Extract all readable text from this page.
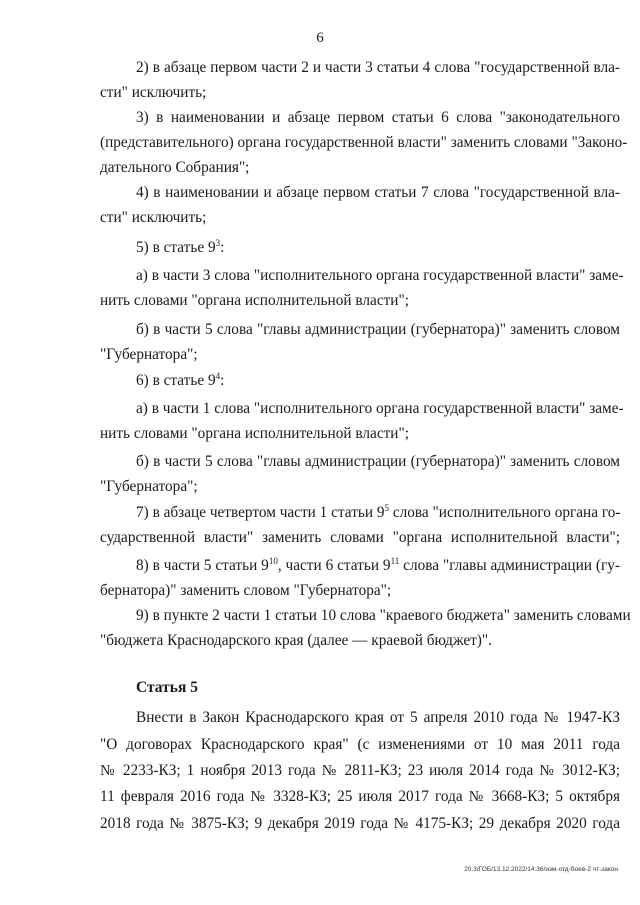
6
2) в абзаце первом части 2 и части 3 статьи 4 слова "государственной вла-
сти" исключить;
3) в наименовании и абзаце первом статьи 6 слова "законодательного
(представительного) органа государственной власти" заменить словами "Законо-
дательного Собрания";
4) в наименовании и абзаце первом статьи 7 слова "государственной вла-
сти" исключить;
5) в статье $9^3$:
а) в части 3 слова "исполнительного органа государственной власти" заме-
нить словами "органа исполнительной власти";
б) в части 5 слова "главы администрации (губернатора)" заменить словом
"Губернатора";
6) в статье $9^4$:
а) в части 1 слова "исполнительного органа государственной власти" заме-
нить словами "органа исполнительной власти";
б) в части 5 слова "главы администрации (губернатора)" заменить словом
"Губернатора";
7) в абзаце четвертом части 1 статьи $9^5$ слова "исполнительного органа го-
сударственной власти" заменить словами "органа исполнительной власти";
8) в части 5 статьи $9^{10}$, части 6 статьи $9^{11}$ слова "главы администрации (гу-
бернатора)" заменить словом "Губернатора";
9) в пункте 2 части 1 статьи 10 слова "краевого бюджета" заменить словами
"бюджета Краснодарского края (далее — краевой бюджет)".
Статья 5
Внести в Закон Краснодарского края от 5 апреля 2010 года № 1947-КЗ
"О договорах Краснодарского края" (с изменениями от 10 мая 2011 года
№ 2233-КЗ; 1 ноября 2013 года № 2811-КЗ; 23 июля 2014 года № 3012-КЗ;
11 февраля 2016 года № 3328-КЗ; 25 июля 2017 года № 3668-КЗ; 5 октября
2018 года № 3875-КЗ; 9 декабря 2019 года № 4175-КЗ; 29 декабря 2020 года
20.3/ГОБ/13.12.2022/14:36/изм-отд-боев-2 чт-закон
